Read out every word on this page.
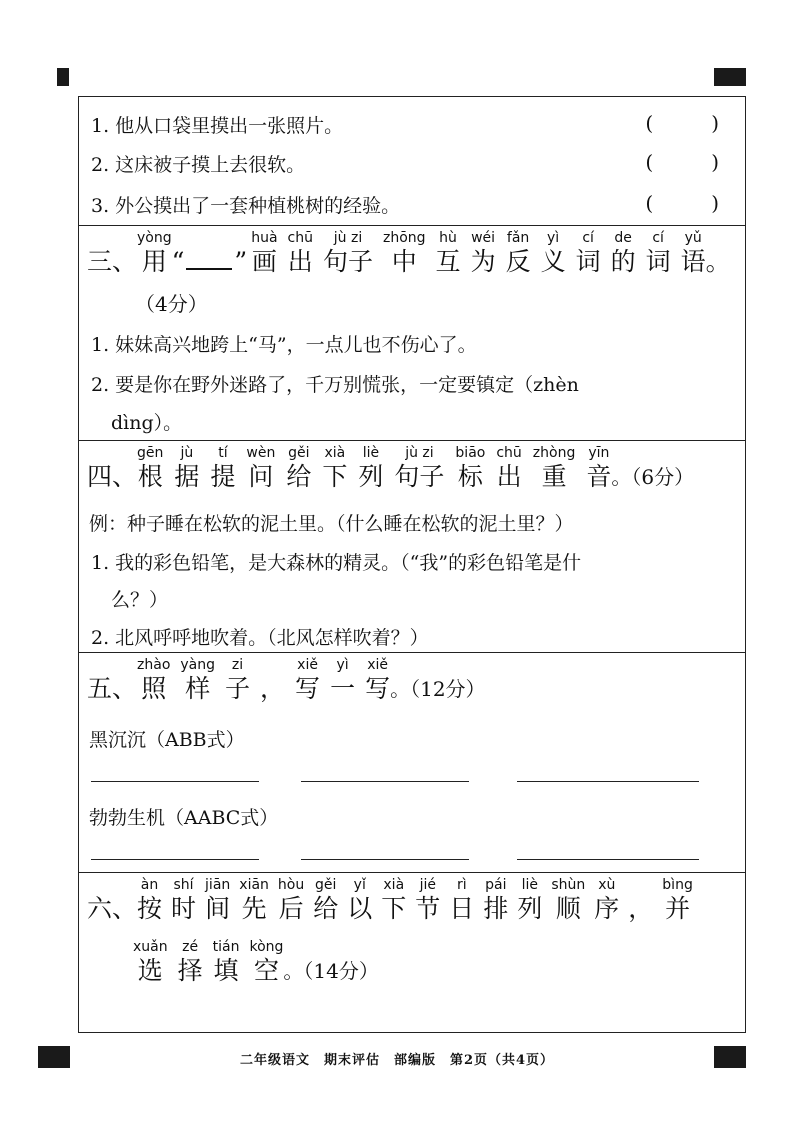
1. 他从口袋里摸出一张照片。	(	)
2. 这床被子摸上去很软。	(	)
3. 外公摸出了一套种植桃树的经验。	(	)
三、
yòng
用 “ ”
huà
画
chū
出
jù zi
句子
zhōng
中
hù
互
wéi
为
fǎn
反
yì
义
cí
词
de
的
cí
词
yǔ
语 。
（4分）
1. 妹妹高兴地跨上“马”，一点儿也不伤心了。
2. 要是你在野外迷路了，千万别慌张，一定要镇定（zhèn
dìng）。
四、
gēn
根
jù
据
tí
提
wèn
问
gěi
给
xià
下
liè
列
jù zi
句子
biāo
标
chū
出
zhòng
重
yīn
音 。（6分）
例：种子睡在松软的泥土里。（什么睡在松软的泥土里？）
1. 我的彩色铅笔，是大森林的精灵。（“我”的彩色铅笔是什
么？）
2. 北风呼呼地吹着。（北风怎样吹着？）
五、
zhào
照
yàng
样
zi
子 ，
xiě
写
yì
一
xiě
写 。（12分）
黑沉沉（ABB式）
勃勃生机（AABC式）
六、
àn
按
shí
时
jiān
间
xiān
先
hòu
后
gěi
给
yǐ
以
xià
下
jié
节
rì
日
pái
排
liè
列
shùn
顺
xù
序 ，
bìng
并
xuǎn
选
zé
择
tián
填
kòng
空 。（14分）
二年级语文　期末评估　部编版　第2页（共4页）
